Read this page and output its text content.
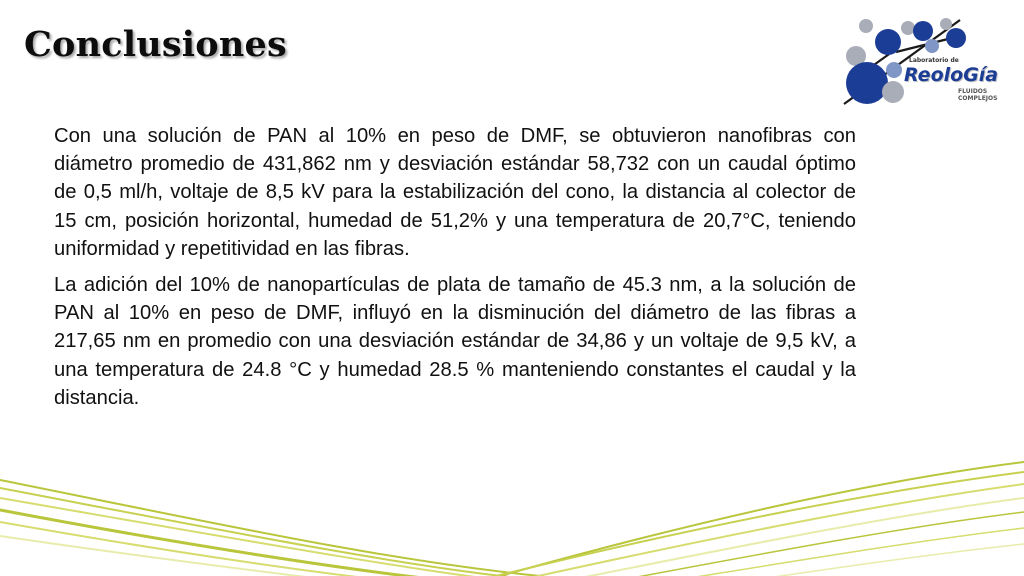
Conclusiones

Con una solución de PAN al 10% en peso de DMF, se obtuvieron nanofibras con diámetro promedio de 431,862 nm y desviación estándar 58,732 con un caudal óptimo de 0,5 ml/h, voltaje de 8,5 kV para la estabilización del cono, la distancia al colector de 15 cm, posición horizontal, humedad de 51,2% y una temperatura de 20,7°C, teniendo uniformidad y repetitividad en las fibras.

La adición del 10% de nanopartículas de plata de tamaño de 45.3 nm, a la solución de PAN al 10% en peso de DMF, influyó en la disminución del diámetro de las fibras a 217,65 nm en promedio con una desviación estándar de 34,86 y un voltaje de 9,5 kV, a una temperatura de 24.8 °C y humedad 28.5 % manteniendo constantes el caudal y la distancia.

Laboratorio de
ReoloGía
FLUIDOS COMPLEJOS
